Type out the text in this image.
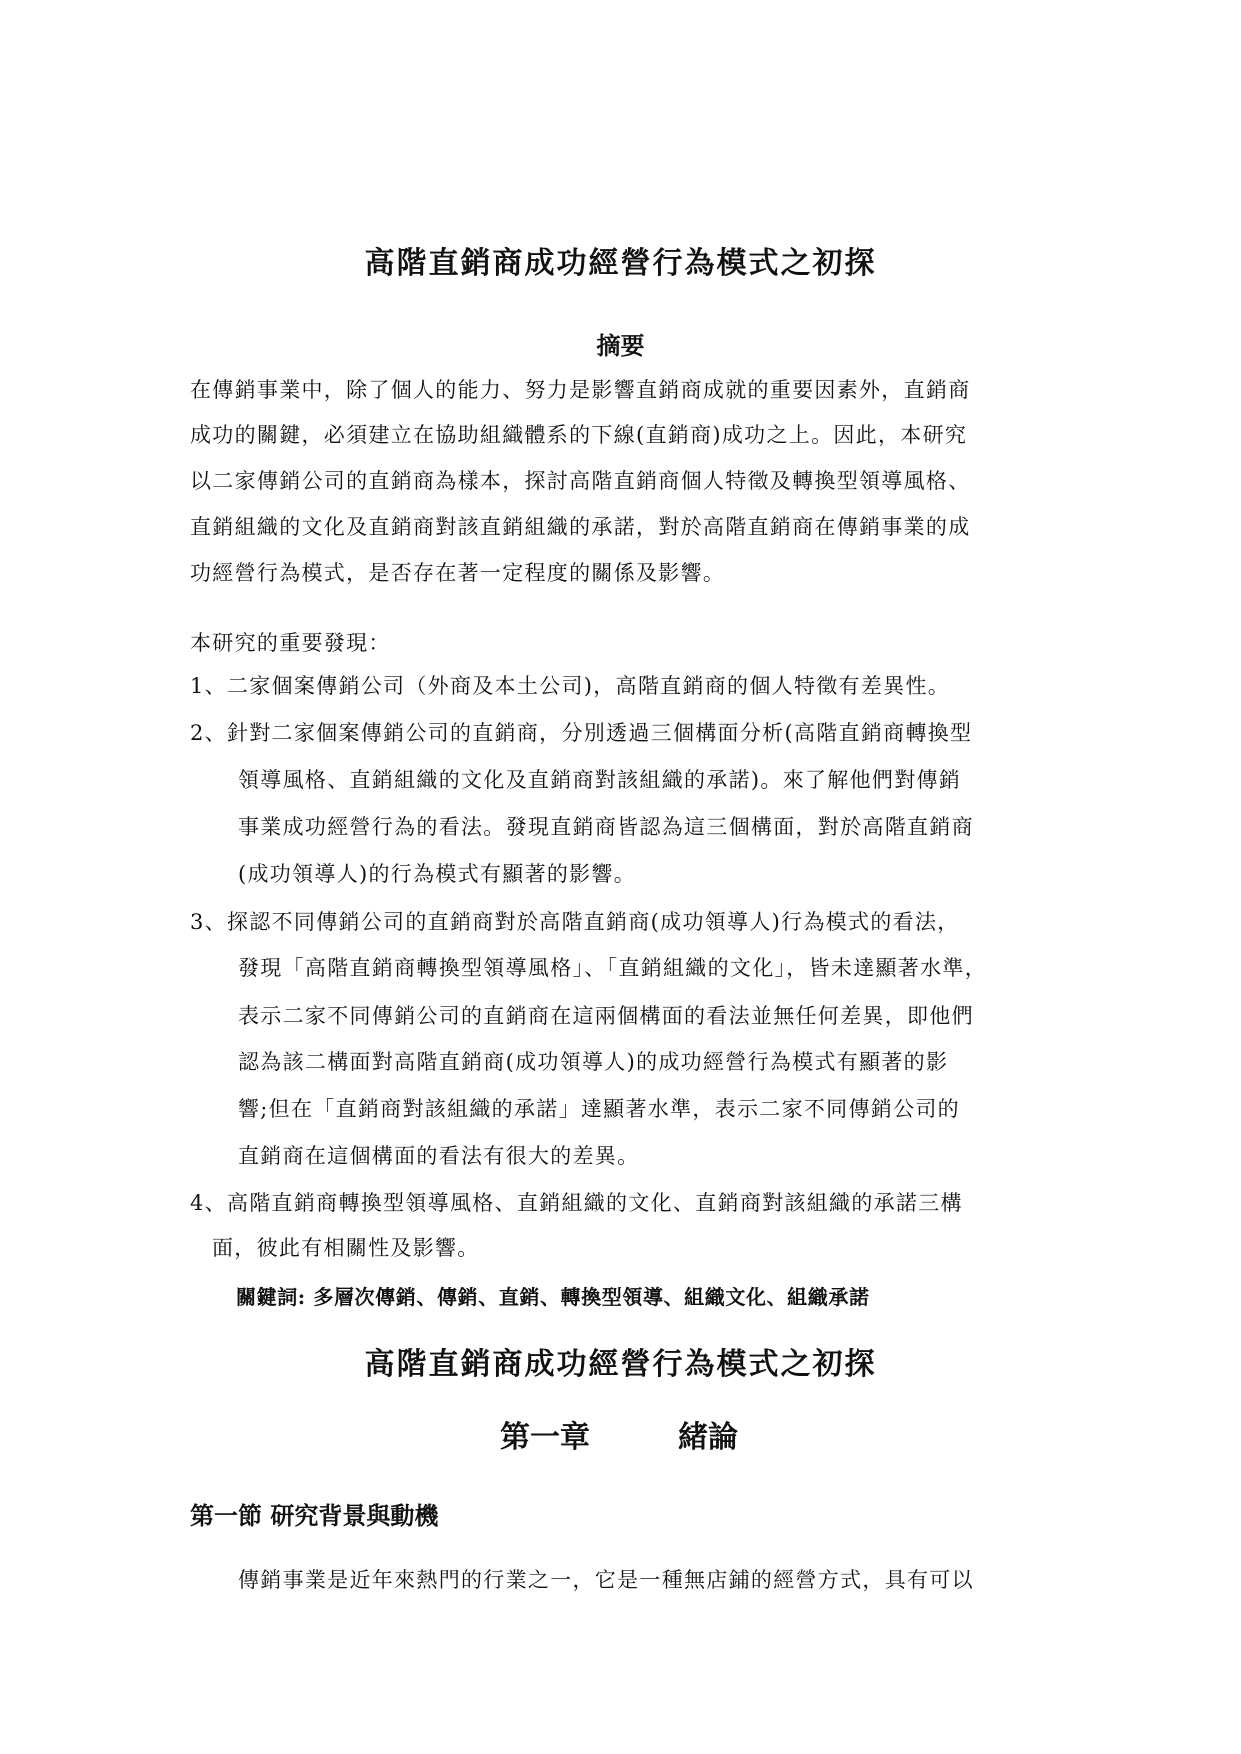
高階直銷商成功經營行為模式之初探
摘要
在傳銷事業中，除了個人的能力、努力是影響直銷商成就的重要因素外，直銷商
成功的關鍵，必須建立在協助組織體系的下線(直銷商)成功之上。因此，本研究
以二家傳銷公司的直銷商為樣本，探討高階直銷商個人特徵及轉換型領導風格、
直銷組織的文化及直銷商對該直銷組織的承諾，對於高階直銷商在傳銷事業的成
功經營行為模式，是否存在著一定程度的關係及影響。
本研究的重要發現：
1、二家個案傳銷公司（外商及本土公司)，高階直銷商的個人特徵有差異性。
2、針對二家個案傳銷公司的直銷商，分別透過三個構面分析(高階直銷商轉換型
領導風格、直銷組織的文化及直銷商對該組織的承諾)。來了解他們對傳銷
事業成功經營行為的看法。發現直銷商皆認為這三個構面，對於高階直銷商
(成功領導人)的行為模式有顯著的影響。
3、探認不同傳銷公司的直銷商對於高階直銷商(成功領導人)行為模式的看法，
發現「高階直銷商轉換型領導風格」、「直銷組織的文化」，皆未達顯著水準，
表示二家不同傳銷公司的直銷商在這兩個構面的看法並無任何差異，即他們
認為該二構面對高階直銷商(成功領導人)的成功經營行為模式有顯著的影
響;但在「直銷商對該組織的承諾」達顯著水準，表示二家不同傳銷公司的
直銷商在這個構面的看法有很大的差異。
4、高階直銷商轉換型領導風格、直銷組織的文化、直銷商對該組織的承諾三構
面，彼此有相關性及影響。
關鍵詞: 多層次傳銷、傳銷、直銷、轉換型領導、組織文化、組織承諾
高階直銷商成功經營行為模式之初探
第一章	緒論
第一節 研究背景與動機
傳銷事業是近年來熱門的行業之一，它是一種無店鋪的經營方式，具有可以
